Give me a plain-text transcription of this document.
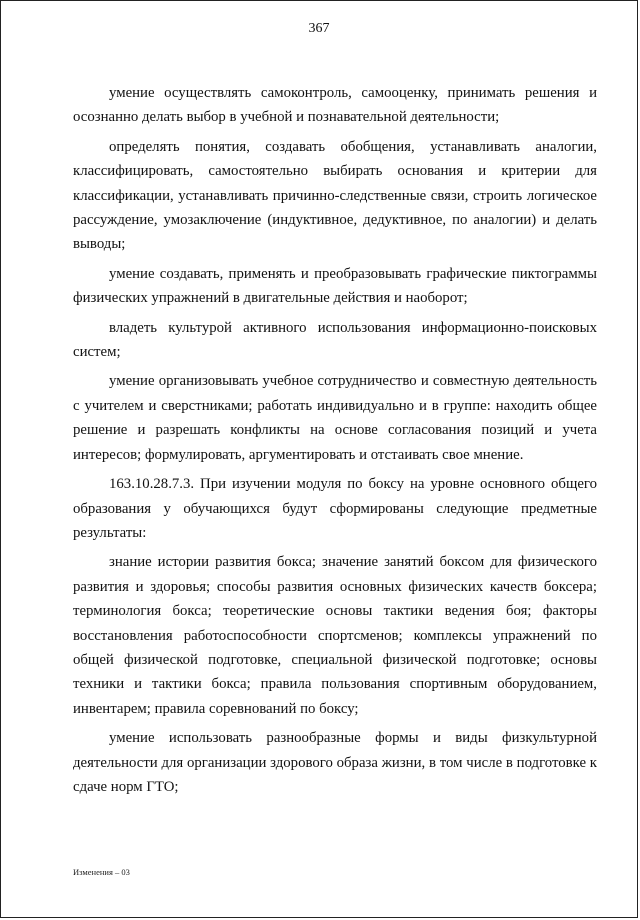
367

умение осуществлять самоконтроль, самооценку, принимать решения и осознанно делать выбор в учебной и познавательной деятельности;

определять понятия, создавать обобщения, устанавливать аналогии, классифицировать, самостоятельно выбирать основания и критерии для классификации, устанавливать причинно-следственные связи, строить логическое рассуждение, умозаключение (индуктивное, дедуктивное, по аналогии) и делать выводы;

умение создавать, применять и преобразовывать графические пиктограммы физических упражнений в двигательные действия и наоборот;

владеть культурой активного использования информационно-поисковых систем;

умение организовывать учебное сотрудничество и совместную деятельность с учителем и сверстниками; работать индивидуально и в группе: находить общее решение и разрешать конфликты на основе согласования позиций и учета интересов; формулировать, аргументировать и отстаивать свое мнение.

163.10.28.7.3. При изучении модуля по боксу на уровне основного общего образования у обучающихся будут сформированы следующие предметные результаты:

знание истории развития бокса; значение занятий боксом для физического развития и здоровья; способы развития основных физических качеств боксера; терминология бокса; теоретические основы тактики ведения боя; факторы восстановления работоспособности спортсменов; комплексы упражнений по общей физической подготовке, специальной физической подготовке; основы техники и тактики бокса; правила пользования спортивным оборудованием, инвентарем; правила соревнований по боксу;

умение использовать разнообразные формы и виды физкультурной деятельности для организации здорового образа жизни, в том числе в подготовке к сдаче норм ГТО;

Изменения – 03
